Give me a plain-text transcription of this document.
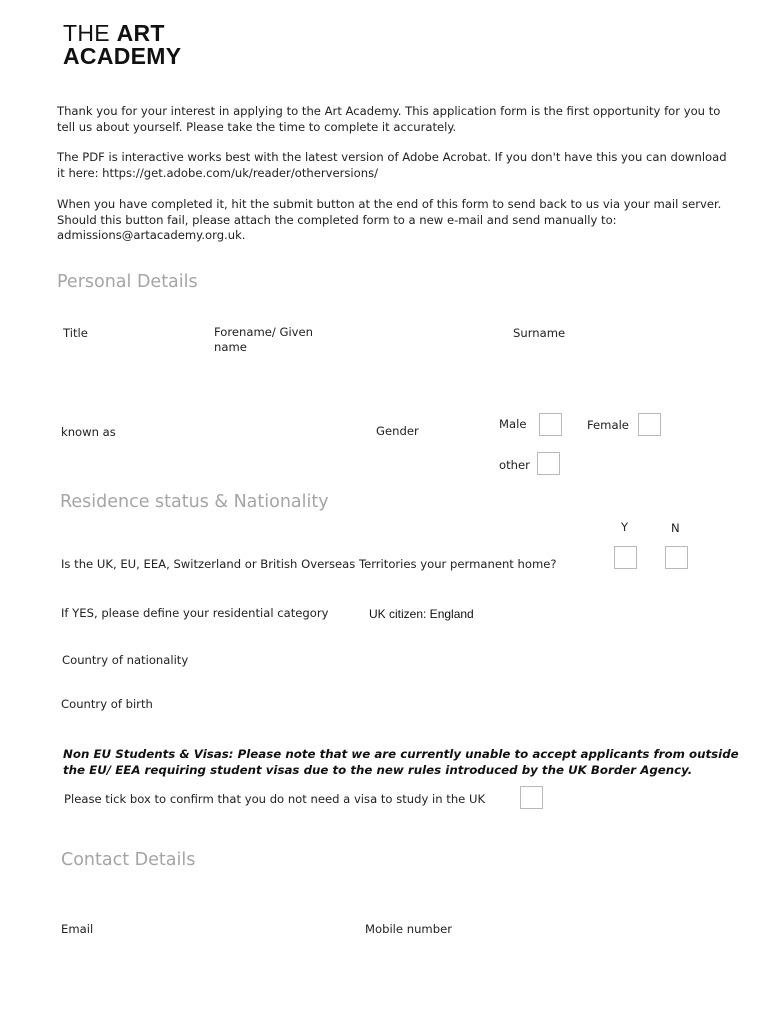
THE ART
ACADEMY
Thank you for your interest in applying to the Art Academy. This application form is the first opportunity for you to tell us about yourself. Please take the time to complete it accurately.
The PDF is interactive works best with the latest version of Adobe Acrobat. If you don't have this you can download it here: https://get.adobe.com/uk/reader/otherversions/
When you have completed it, hit the submit button at the end of this form to send back to us via your mail server. Should this button fail, please attach the completed form to a new e-mail and send manually to: admissions@artacademy.org.uk.
Personal Details
Title	Forename/ Given name
Surname
known as	Gender	Male	Female
other
Residence status & Nationality
Y	N
Is the UK, EU, EEA, Switzerland or British Overseas Territories your permanent home?
If YES, please define your residential category	UK citizen: England
Country of nationality
Country of birth
Non EU Students & Visas: Please note that we are currently unable to accept applicants from outside the EU/ EEA requiring student visas due to the new rules introduced by the UK Border Agency.
Please tick box to confirm that you do not need a visa to study in the UK
Contact Details
Email	Mobile number
